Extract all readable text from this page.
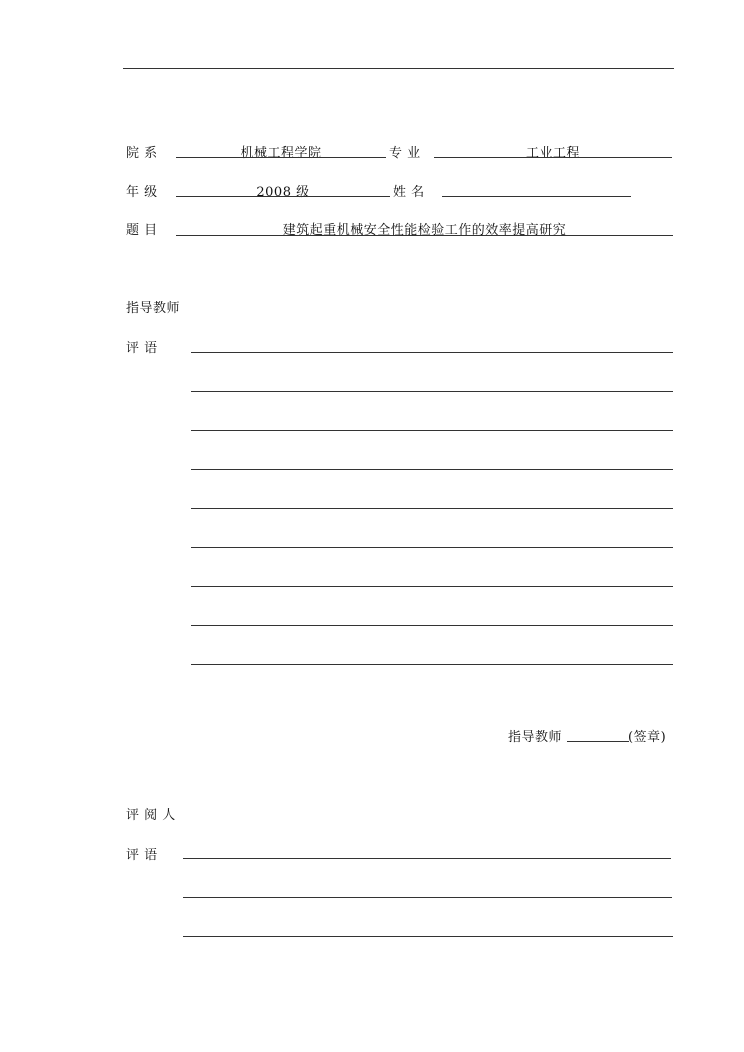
院 系	机械工程学院	专 业	工业工程
年 级	2008 级	姓 名
题 目	建筑起重机械安全性能检验工作的效率提高研究
指导教师
评 语
指导教师	(签章)
评 阅 人
评 语
